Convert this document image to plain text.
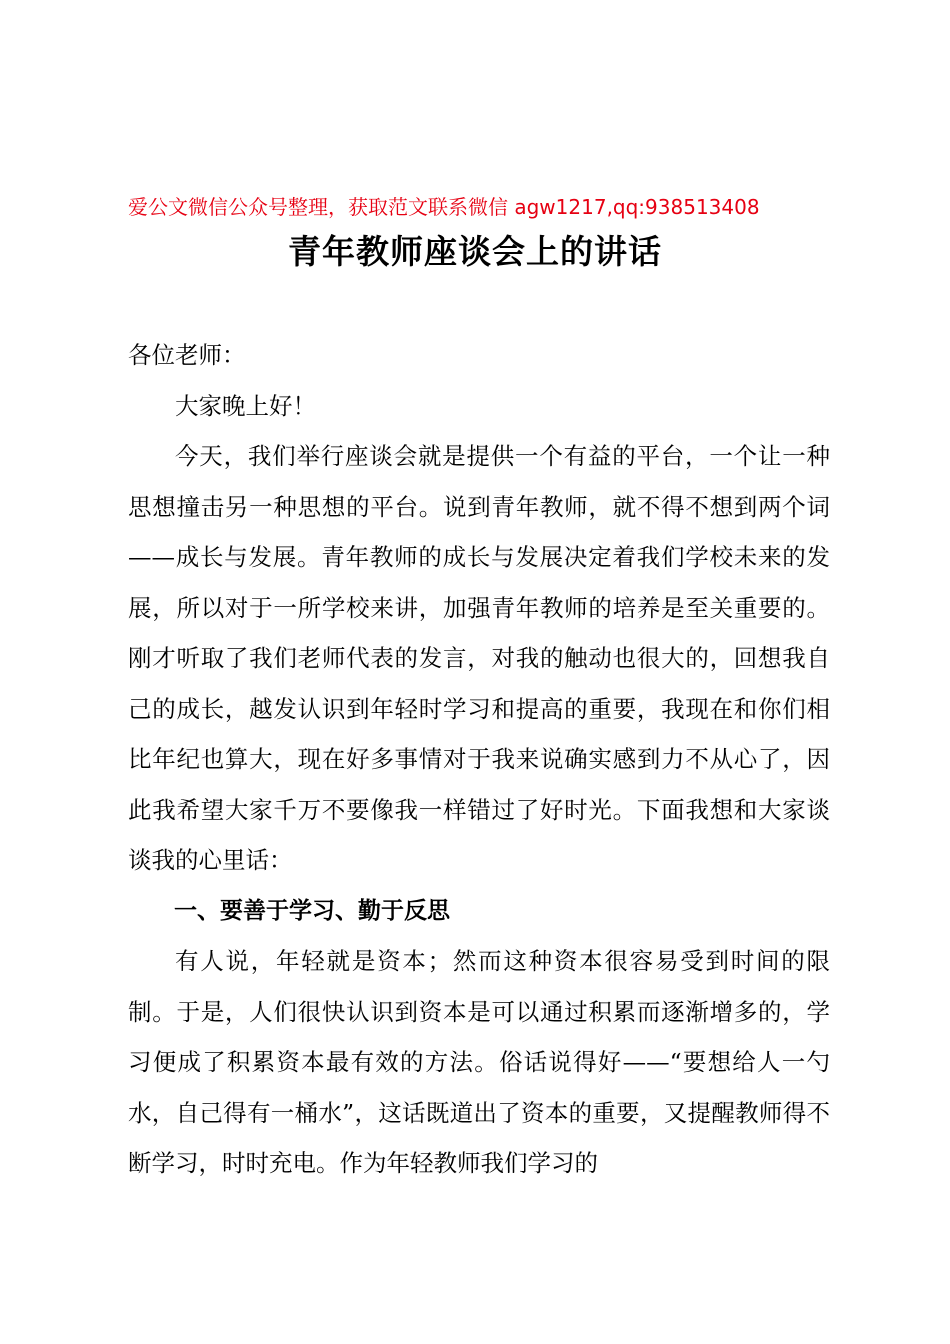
爱公文微信公众号整理，获取范文联系微信 agw1217,qq:938513408
青年教师座谈会上的讲话

各位老师：

大家晚上好！

今天，我们举行座谈会就是提供一个有益的平台，一个让一种思想撞击另一种思想的平台。说到青年教师，就不得不想到两个词——成长与发展。青年教师的成长与发展决定着我们学校未来的发展，所以对于一所学校来讲，加强青年教师的培养是至关重要的。刚才听取了我们老师代表的发言，对我的触动也很大的，回想我自己的成长，越发认识到年轻时学习和提高的重要，我现在和你们相比年纪也算大，现在好多事情对于我来说确实感到力不从心了，因此我希望大家千万不要像我一样错过了好时光。下面我想和大家谈谈我的心里话：

一、要善于学习、勤于反思

有人说，年轻就是资本；然而这种资本很容易受到时间的限制。于是，人们很快认识到资本是可以通过积累而逐渐增多的，学习便成了积累资本最有效的方法。俗话说得好——“要想给人一勺水，自己得有一桶水”，这话既道出了资本的重要，又提醒教师得不断学习，时时充电。作为年轻教师我们学习的
